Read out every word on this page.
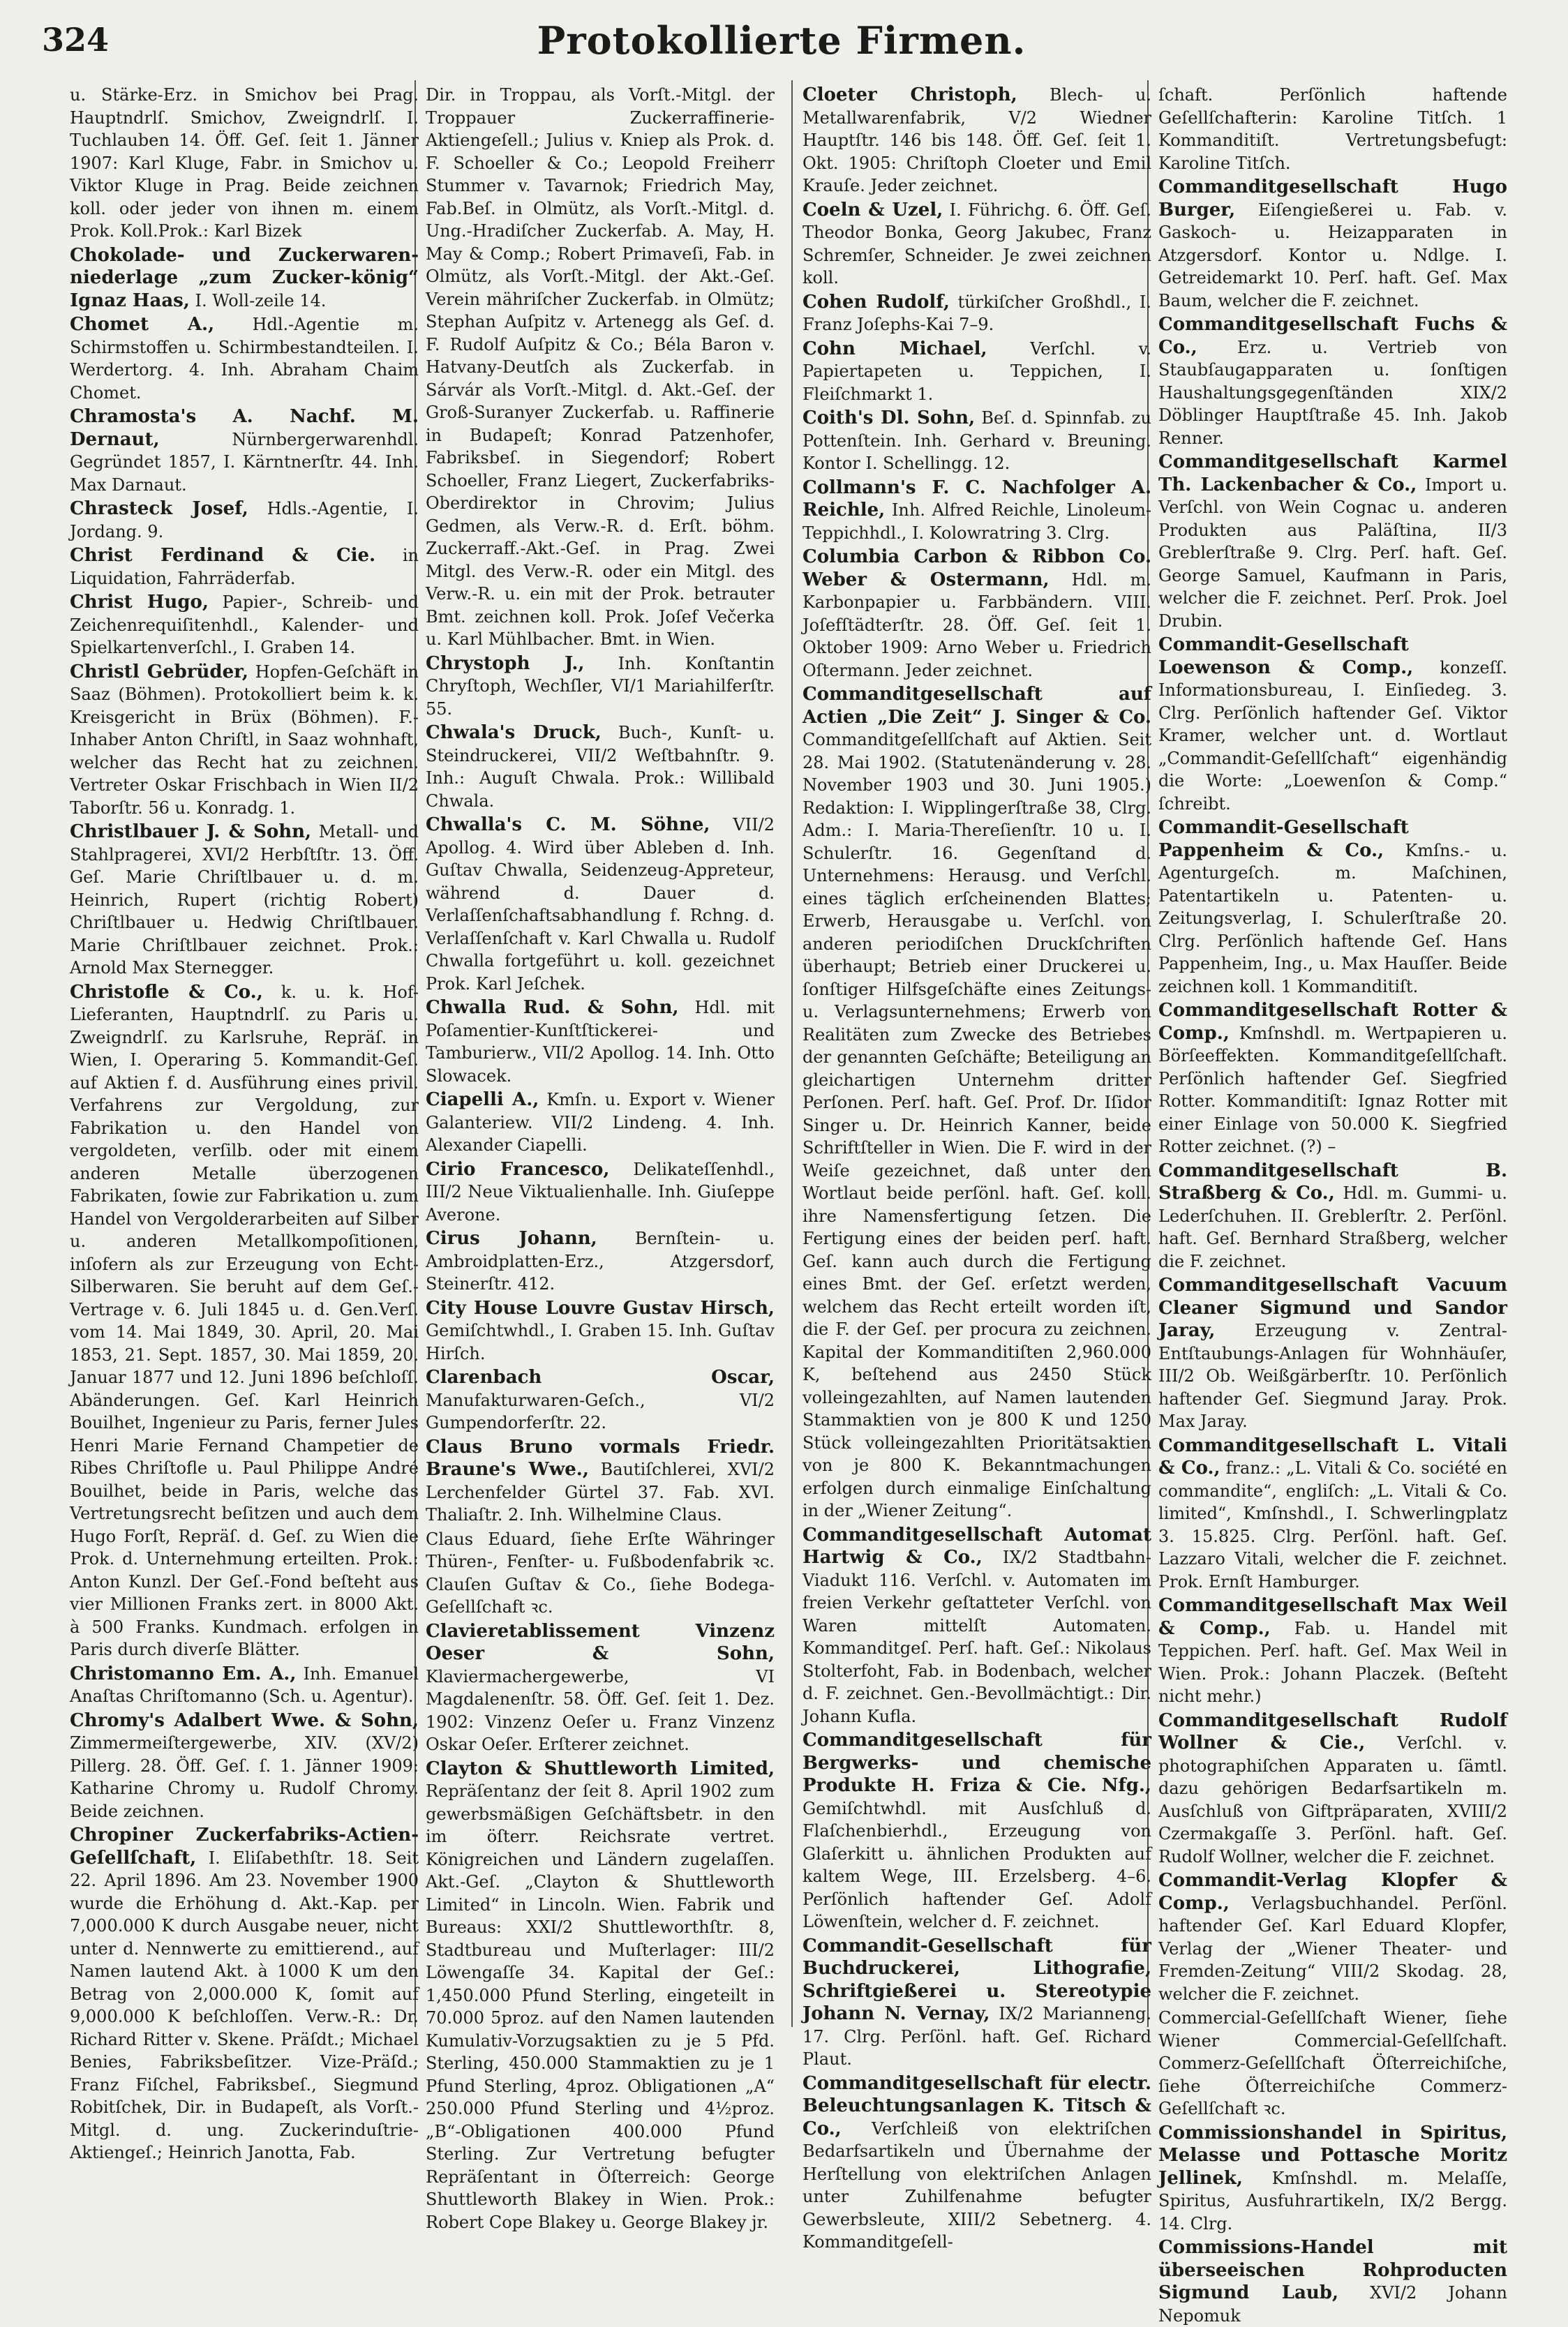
324	Protokollierte Firmen.

u. Stärke-Erz. in Smichov bei Prag. Hauptndrlſ. Smichov, Zweigndrlſ. I. Tuchlauben 14. Öff. Geſ. ſeit 1. Jänner 1907: Karl Kluge, Fabr. in Smichov u. Viktor Kluge in Prag. Beide zeichnen koll. oder jeder von ihnen m. einem Prok. Koll.Prok.: Karl Bizek

Chokolade- und Zuckerwaren-niederlage „zum Zucker-könig“ Ignaz Haas, I. Woll-zeile 14.

Chomet A., Hdl.-Agentie m. Schirmstoffen u. Schirmbestandteilen. I. Werdertorg. 4. Inh. Abraham Chaim Chomet.

Chramosta's A. Nachf. M. Dernaut,	Nürnbergerwarenhdl. Gegründet 1857, I. Kärntnerſtr. 44. Inh. Max Darnaut.

Chrasteck Josef, Hdls.-Agentie, I. Jordang. 9.

Christ Ferdinand & Cie. in Liquidation, Fahrräderfab.

Christ Hugo, Papier-, Schreib- und Zeichenrequiſitenhdl., Kalender- und Spielkartenverſchl., I. Graben 14.

Christl Gebrüder, Hopfen-Geſchäft in Saaz (Böhmen). Protokolliert beim k. k. Kreisgericht in Brüx (Böhmen). F.-Inhaber Anton Chriſtl, in Saaz wohnhaft, welcher das Recht hat zu zeichnen. Vertreter Oskar Frischbach in Wien II/2 Taborſtr. 56 u. Konradg. 1.

Christlbauer J. & Sohn, Metall- und Stahlpragerei, XVI/2 Herbſtſtr. 13. Öff. Geſ. Marie Chriſtlbauer u. d. m. Heinrich, Rupert (richtig Robert) Chriſtlbauer u. Hedwig Chriſtlbauer. Marie Chriſtlbauer zeichnet. Prok.: Arnold Max Sternegger.

Christofle & Co., k. u. k. Hof-Lieferanten, Hauptndrlſ. zu Paris u. Zweigndrlſ. zu Karlsruhe, Repräſ. in Wien, I. Operaring 5. Kommandit-Geſ. auf Aktien f. d. Ausführung eines privil. Verfahrens zur Vergoldung, zur Fabrikation u. den Handel von vergoldeten, verſilb. oder mit einem anderen Metalle überzogenen Fabrikaten, ſowie zur Fabrikation u. zum Handel von Vergolderarbeiten auf Silber u. anderen Metallkompoſitionen, inſofern als zur Erzeugung von Echt-Silberwaren. Sie beruht auf dem Geſ.-Vertrage v. 6. Juli 1845 u. d. Gen.Verſ. vom 14. Mai 1849, 30. April, 20. Mai 1853, 21. Sept. 1857, 30. Mai 1859, 20. Januar 1877 und 12. Juni 1896 beſchloſſ. Abänderungen. Geſ. Karl Heinrich Bouilhet, Ingenieur zu Paris, ferner Jules Henri Marie Fernand Champetier de Ribes Chriſtofle u. Paul Philippe André Bouilhet, beide in Paris, welche das Vertretungsrecht beſitzen und auch dem Hugo Forſt, Repräſ. d. Geſ. zu Wien die Prok. d. Unternehmung erteilten. Prok.: Anton Kunzl. Der Geſ.-Fond beſteht aus vier Millionen Franks zert. in 8000 Akt. à 500 Franks. Kundmach. erfolgen in Paris durch diverſe Blätter.

Christomanno Em. A., Inh. Emanuel Anaſtas Chriſtomanno (Sch. u. Agentur).

Chromy's Adalbert Wwe. & Sohn, Zimmermeiſtergewerbe, XIV. (XV/2) Pillerg. 28. Öff. Geſ. ſ. 1. Jänner 1909: Katharine Chromy u. Rudolf Chromy. Beide zeichnen.

Chropiner Zuckerfabriks-Actien-Geſellſchaft, I. Eliſabethſtr. 18. Seit 22. April 1896. Am 23. November 1900 wurde die Erhöhung d. Akt.-Kap. per 7,000.000 K durch Ausgabe neuer, nicht unter d. Nennwerte zu emittierend., auf Namen lautend Akt. à 1000 K um den Betrag von 2,000.000 K, ſomit auf 9,000.000 K beſchloſſen. Verw.-R.: Dr. Richard Ritter v. Skene. Präſdt.; Michael Benies, Fabriksbeſitzer. Vize-Präſd.; Franz Fiſchel, Fabriksbeſ., Siegmund Robitſchek, Dir. in Budapeſt, als Vorſt.-Mitgl. d. ung. Zuckerinduſtrie-Aktiengeſ.; Heinrich Janotta, Fab.

Dir. in Troppau, als Vorſt.-Mitgl. der Troppauer Zuckerraffinerie-Aktiengeſell.; Julius v. Kniep als Prok. d. F. Schoeller & Co.; Leopold Freiherr Stummer v. Tavarnok; Friedrich May, Fab.Beſ. in Olmütz, als Vorſt.-Mitgl. d. Ung.-Hradiſcher Zuckerfab. A. May, H. May & Comp.; Robert Primaveſi, Fab. in Olmütz, als Vorſt.-Mitgl. der Akt.-Geſ. Verein mähriſcher Zuckerfab. in Olmütz; Stephan Auſpitz v. Artenegg als Geſ. d. F. Rudolf Auſpitz & Co.; Béla Baron v. Hatvany-Deutſch als Zuckerfab. in Sárvár als Vorſt.-Mitgl. d. Akt.-Geſ. der Groß-Suranyer Zuckerfab. u. Raffinerie in Budapeſt; Konrad Patzenhofer, Fabriksbeſ. in Siegendorf; Robert Schoeller, Franz Liegert, Zuckerfabriks-Oberdirektor in Chrovim; Julius Gedmen, als Verw.-R. d. Erſt. böhm. Zuckerraff.-Akt.-Geſ. in Prag. Zwei Mitgl. des Verw.-R. oder ein Mitgl. des Verw.-R. u. ein mit der Prok. betrauter Bmt. zeichnen koll. Prok. Joſef Večerka u. Karl Mühlbacher. Bmt. in Wien.

Chrystoph J., Inh. Konſtantin Chryſtoph, Wechſler, VI/1 Mariahilferſtr. 55.

Chwala's Druck, Buch-, Kunſt- u. Steindruckerei, VII/2 Weſtbahnſtr. 9. Inh.: Auguſt Chwala. Prok.: Willibald Chwala.

Chwalla's C. M. Söhne, VII/2 Apollog. 4. Wird über Ableben d. Inh. Guſtav Chwalla, Seidenzeug-Appreteur, während d. Dauer d. Verlaſſenſchaftsabhandlung f. Rchng. d. Verlaſſenſchaft v. Karl Chwalla u. Rudolf Chwalla fortgeführt u. koll. gezeichnet Prok. Karl Jeſchek.

Chwalla Rud. & Sohn, Hdl. mit Poſamentier-Kunſtſtickerei- und Tamburierw., VII/2 Apollog. 14. Inh. Otto Slowacek.

Ciapelli A., Kmſn. u. Export v. Wiener Galanteriew. VII/2 Lindeng. 4. Inh. Alexander Ciapelli.

Cirio Francesco, Delikateſſenhdl., III/2 Neue Viktualienhalle. Inh. Giuſeppe Averone.

Cirus Johann, Bernſtein- u. Ambroidplatten-Erz., Atzgersdorf, Steinerſtr. 412.

City House Louvre Gustav Hirsch, Gemiſchtwhdl., I. Graben 15. Inh. Guſtav Hirſch.

Clarenbach Oscar, Manufakturwaren-Geſch., VI/2 Gumpendorferſtr. 22.

Claus Bruno vormals Friedr. Braune's Wwe., Bautiſchlerei, XVI/2 Lerchenfelder Gürtel 37. Fab. XVI. Thaliaſtr. 2. Inh. Wilhelmine Claus.

Claus Eduard, ſiehe Erſte Währinger Thüren-, Fenſter- u. Fußbodenfabrik ꝛc. Clauſen Guſtav & Co., ſiehe Bodega-Geſellſchaft ꝛc.

Claviеretablissement Vinzenz Oeser & Sohn, Klaviermachergewerbe, VI Magdalenenſtr. 58. Öff. Geſ. ſeit 1. Dez. 1902: Vinzenz Oeſer u. Franz Vinzenz Oskar Oeſer. Erſterer zeichnet.

Clayton & Shuttleworth Limited, Repräſentanz der ſeit 8. April 1902 zum gewerbsmäßigen Geſchäftsbetr. in den im öſterr. Reichsrate vertret. Königreichen und Ländern zugelaſſen. Akt.-Geſ. „Clayton & Shuttleworth Limited“ in Lincoln. Wien. Fabrik und Bureaus: XXI/2 Shuttleworthſtr. 8, Stadtbureau und Muſterlager: III/2 Löwengaſſe 34. Kapital der Geſ.: 1,450.000 Pfund Sterling, eingeteilt in 70.000 5proz. auf den Namen lautenden Kumulativ-Vorzugsaktien zu je 5 Pfd. Sterling, 450.000 Stammaktien zu je 1 Pfund Sterling, 4proz. Obligationen „A“ 250.000 Pfund Sterling und 4½proz. „B“-Obligationen 400.000 Pfund Sterling. Zur Vertretung befugter Repräſentant in Öſterreich: George Shuttleworth Blakey in Wien. Prok.: Robert Cope Blakey u. George Blakey jr.

Cloeter Christoph, Blech- u. Metallwarenfabrik, V/2 Wiedner Hauptſtr. 146 bis 148. Öff. Geſ. ſeit 1. Okt. 1905: Chriſtoph Cloeter und Emil Krauſe. Jeder zeichnet.

Coeln & Uzel, I. Führichg. 6. Öff. Geſ. Theodor Bonka, Georg Jakubec, Franz Schremſer, Schneider. Je zwei zeichnen koll.

Cohen Rudolf, türkiſcher Großhdl., I. Franz Joſephs-Kai 7–9.

Cohn Michael,	Verſchl. v. Papiertapeten u. Teppichen, I. Fleiſchmarkt 1.

Coith's Dl. Sohn, Beſ. d. Spinnfab. zu Pottenſtein. Inh. Gerhard v. Breuning. Kontor I. Schellingg. 12.

Collmann's F. C. Nachfolger A. Reichle, Inh. Alfred Reichle, Linoleum-Teppichhdl., I. Kolowratring 3. Clrg.

Columbia Carbon & Ribbon Co. Weber & Ostermann, Hdl. m. Karbonpapier u. Farbbändern. VIII. Joſefſtädterſtr. 28. Öff. Geſ. ſeit 1. Oktober 1909: Arno Weber u. Friedrich Oſtermann. Jeder zeichnet.

Commanditgesellschaft auf Actien „Die Zeit“ J. Singer & Co. Commanditgeſellſchaft auf Aktien. Seit 28. Mai 1902. (Statutenänderung v. 28. November 1903 und 30. Juni 1905.) Redaktion: I. Wipplingerſtraße 38, Clrg. Adm.: I. Maria-Thereſienſtr. 10 u. I. Schulerſtr. 16. Gegenſtand d. Unternehmens: Herausg. und Verſchl. eines täglich erſcheinenden Blattes; Erwerb, Herausgabe u. Verſchl. von anderen periodiſchen Druckſchriften überhaupt; Betrieb einer Druckerei u. ſonſtiger Hilfsgeſchäfte eines Zeitungs- u. Verlagsunternehmens; Erwerb von Realitäten zum Zwecke des Betriebes der genannten Geſchäfte; Beteiligung an gleichartigen Unternehm dritter Perſonen. Perſ. haft. Geſ. Prof. Dr. Iſidor Singer u. Dr. Heinrich Kanner, beide Schriftſteller in Wien. Die F. wird in der Weiſe gezeichnet, daß unter den Wortlaut beide perſönl. haft. Geſ. koll. ihre Namensfertigung ſetzen. Die Fertigung eines der beiden perſ. haft. Geſ. kann auch durch die Fertigung eines Bmt. der Geſ. erſetzt werden, welchem das Recht erteilt worden iſt, die F. der Geſ. per procura zu zeichnen. Kapital der Kommanditiſten 2,960.000 K, beſtehend aus 2450 Stück volleingezahlten, auf Namen lautenden Stammaktien von je 800 K und 1250 Stück volleingezahlten Prioritätsaktien von je 800 K. Bekanntmachungen erfolgen durch einmalige Einſchaltung in der „Wiener Zeitung“.

Commanditgesellschaft Automat Hartwig & Co., IX/2 Stadtbahn-Viadukt 116. Verſchl. v. Automaten im freien Verkehr geſtatteter Verſchl. von Waren mittelſt Automaten. Kommanditgeſ. Perſ. haft. Geſ.: Nikolaus Stolterfoht, Fab. in Bodenbach, welcher d. F. zeichnet. Gen.-Bevollmächtigt.: Dir. Johann Kufla.

Commanditgesellschaft für Bergwerks- und chemische Produkte H. Friza & Cie. Nfg., Gemiſchtwhdl. mit Ausſchluß d. Flaſchenbierhdl., Erzeugung von Glaſerkitt u. ähnlichen Produkten auf kaltem Wege, III. Erzelsberg. 4–6. Perſönlich haftender Geſ. Adolf Löwenſtein, welcher d. F. zeichnet.

Commandit-Gesellschaft für Buchdruckerei, Lithografie, Schriftgießerei u. Stereotypie Johann N. Vernay, IX/2 Mariannеng. 17. Clrg. Perſönl. haft. Geſ. Richard Plaut.

Commanditgesellschaft für electr. Beleuchtungsanlagen K. Titsch & Co., Verſchleiß von elektriſchen Bedarfsartikeln und Übernahme der Herſtellung von elektriſchen Anlagen unter Zuhilfenahme befugter Gewerbsleute, XIII/2 Sebetnerg. 4. Kommanditgeſell-

ſchaft. Perſönlich haftende Geſellſchafterin: Karoline Titſch. 1 Kommanditiſt. Vertretungsbefugt: Karoline Titſch.

Commanditgesellschaft Hugo Burger, Eiſengießerei u. Fab. v. Gaskoch- u. Heizapparaten in Atzgersdorf. Kontor u. Ndlge. I. Getreidemarkt 10. Perſ. haft. Geſ. Max Baum, welcher die F. zeichnet.

Commanditgesellschaft Fuchs & Co., Erz. u. Vertrieb von Staubſaugapparaten u. ſonſtigen Haushaltungsgegenſtänden XIX/2 Döblinger Hauptſtraße 45. Inh. Jakob Renner.

Commanditgesellschaft Karmel Th. Lackenbacher & Co., Import u. Verſchl. von Wein Cognac u. anderen Produkten aus Paläſtina, II/3 Greblerſtraße 9. Clrg. Perſ. haft. Geſ. George Samuel, Kaufmann in Paris, welcher die F. zeichnet. Perſ. Prok. Joel Drubin.

Commandit-Gesellschaft Loewenson & Comp., konzeſſ. Informationsbureau, I. Einſiedeg. 3. Clrg. Perſönlich haftender Geſ. Viktor Kramer, welcher unt. d. Wortlaut „Commandit-Geſellſchaft“ eigenhändig die Worte: „Loewenſon & Comp.“ ſchreibt.

Commandit-Gesellschaft Pappenheim & Co., Kmſns.- u. Agenturgeſch. m. Maſchinen, Patentartikeln u. Patenten- u. Zeitungsverlag, I. Schulerſtraße 20. Clrg. Perſönlich haftende Geſ. Hans Pappenheim, Ing., u. Max Hauſſer. Beide zeichnen koll. 1 Kommanditiſt.

Commanditgesellschaft Rotter & Comp., Kmſnshdl. m. Wertpapieren u. Börſeeffekten. Kommanditgeſellſchaft. Perſönlich haftender Geſ. Siegfried Rotter. Kommanditiſt: Ignaz Rotter mit einer Einlage von 50.000 K. Siegfried Rotter zeichnet. (?) –

Commanditgesellschaft B. Straßberg & Co., Hdl. m. Gummi- u. Lederſchuhen. II. Greblerſtr. 2. Perſönl. haft. Geſ. Bernhard Straßberg, welcher die F. zeichnet.

Commanditgesellschaft Vacuum Cleaner Sigmund und Sandor Jaray, Erzeugung v. Zentral-Entſtaubungs-Anlagen für Wohnhäuſer, III/2 Ob. Weißgärberſtr. 10. Perſönlich haftender Geſ. Siegmund Jaray. Prok. Max Jaray.

Commanditgesellschaft L. Vitali & Co., franz.: „L. Vitali & Co. société en commandite“, engliſch: „L. Vitali & Co. limited“, Kmſnshdl., I. Schwerlingplatz 3. 15.825. Clrg. Perſönl. haft. Geſ. Lazzaro Vitali, welcher die F. zeichnet. Prok. Ernſt Hamburger.

Commanditgesellschaft Max Weil & Comp., Fab. u. Handel mit Teppichen. Perſ. haft. Geſ. Max Weil in Wien. Prok.: Johann Placzek. (Beſteht nicht mehr.)

Commanditgesellschaft Rudolf Wollner & Cie., Verſchl. v. photographiſchen Apparaten u. ſämtl. dazu gehörigen Bedarfsartikeln m. Ausſchluß von Giftpräparaten, XVIII/2 Czermakgaſſe 3. Perſönl. haft. Geſ. Rudolf Wollner, welcher die F. zeichnet.

Commandit-Verlag Klopfer & Comp., Verlagsbuchhandel. Perſönl. haftender Geſ. Karl Eduard Klopfer, Verlag der „Wiener Theater- und Fremden-Zeitung“ VIII/2 Skodag. 28, welcher die F. zeichnet.

Commercial-Geſellſchaft Wiener, ſiehe Wiener Commercial-Geſellſchaft. Commerz-Geſellſchaft Öſterreichiſche, ſiehe Öſterreichiſche Commerz-Geſellſchaft ꝛc.

Commissionshandel in Spiritus, Melasse und Pottasche Moritz Jellinek, Kmſnshdl. m. Melaſſe, Spiritus, Ausfuhrartikeln, IX/2 Bergg. 14. Clrg.

Commissions-Handel mit überseeischen Rohproducten Sigmund Laub, XVI/2 Johann Nepomuk
